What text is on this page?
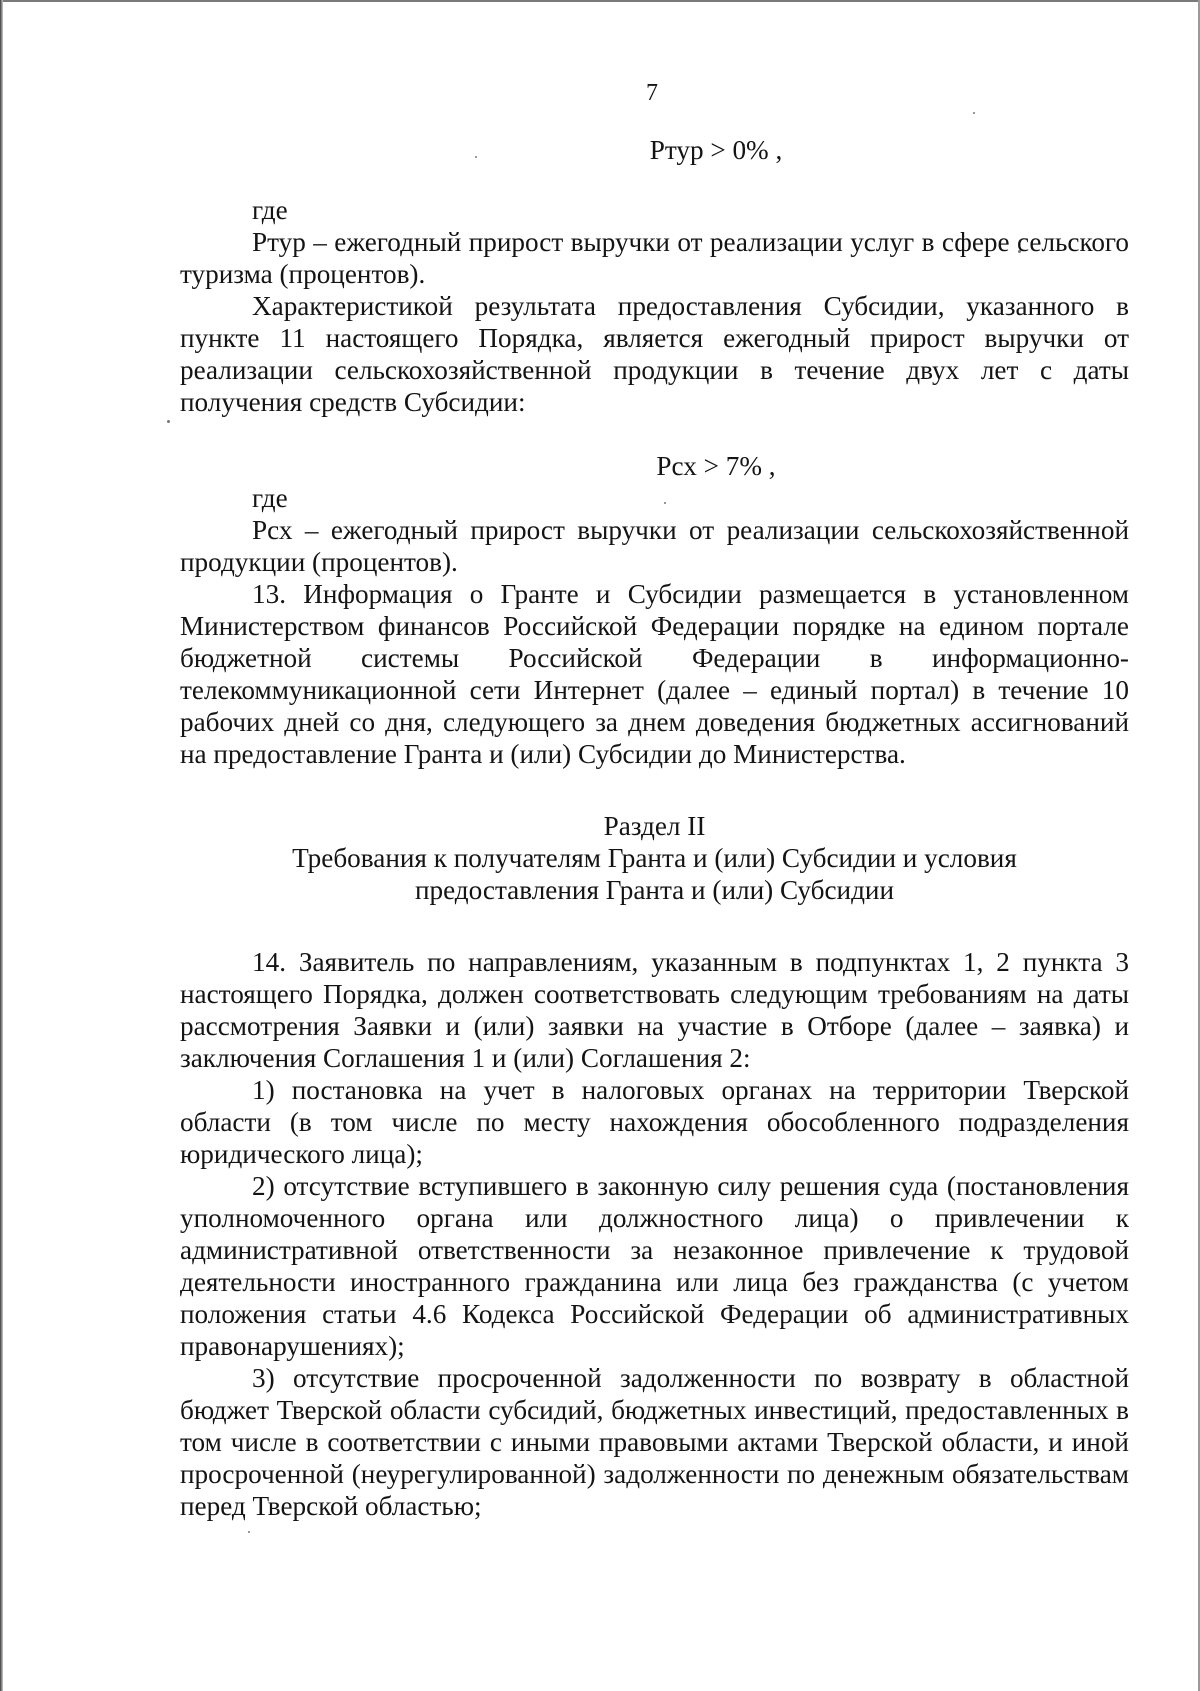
7
Ртур > 0% ,

где

Ртур – ежегодный прирост выручки от реализации услуг в сфере сельского туризма (процентов).

Характеристикой результата предоставления Субсидии, указанного в пункте 11 настоящего Порядка, является ежегодный прирост выручки от реализации сельскохозяйственной продукции в течение двух лет с даты получения средств Субсидии:

Рсх > 7% ,

где

Рсх – ежегодный прирост выручки от реализации сельскохозяйственной продукции (процентов).

13. Информация о Гранте и Субсидии размещается в установленном Министерством финансов Российской Федерации порядке на едином портале бюджетной системы Российской Федерации в информационно-телекоммуникационной сети Интернет (далее – единый портал) в течение 10 рабочих дней со дня, следующего за днем доведения бюджетных ассигнований на предоставление Гранта и (или) Субсидии до Министерства.

Раздел II

Требования к получателям Гранта и (или) Субсидии и условия

предоставления Гранта и (или) Субсидии

14. Заявитель по направлениям, указанным в подпунктах 1, 2 пункта 3 настоящего Порядка, должен соответствовать следующим требованиям на даты рассмотрения Заявки и (или) заявки на участие в Отборе (далее – заявка) и заключения Соглашения 1 и (или) Соглашения 2:

1) постановка на учет в налоговых органах на территории Тверской области (в том числе по месту нахождения обособленного подразделения юридического лица);

2) отсутствие вступившего в законную силу решения суда (постановления уполномоченного органа или должностного лица) о привлечении к административной ответственности за незаконное привлечение к трудовой деятельности иностранного гражданина или лица без гражданства (с учетом положения статьи 4.6 Кодекса Российской Федерации об административных правонарушениях);

3) отсутствие просроченной задолженности по возврату в областной бюджет Тверской области субсидий, бюджетных инвестиций, предоставленных в том числе в соответствии с иными правовыми актами Тверской области, и иной просроченной (неурегулированной) задолженности по денежным обязательствам перед Тверской областью;
